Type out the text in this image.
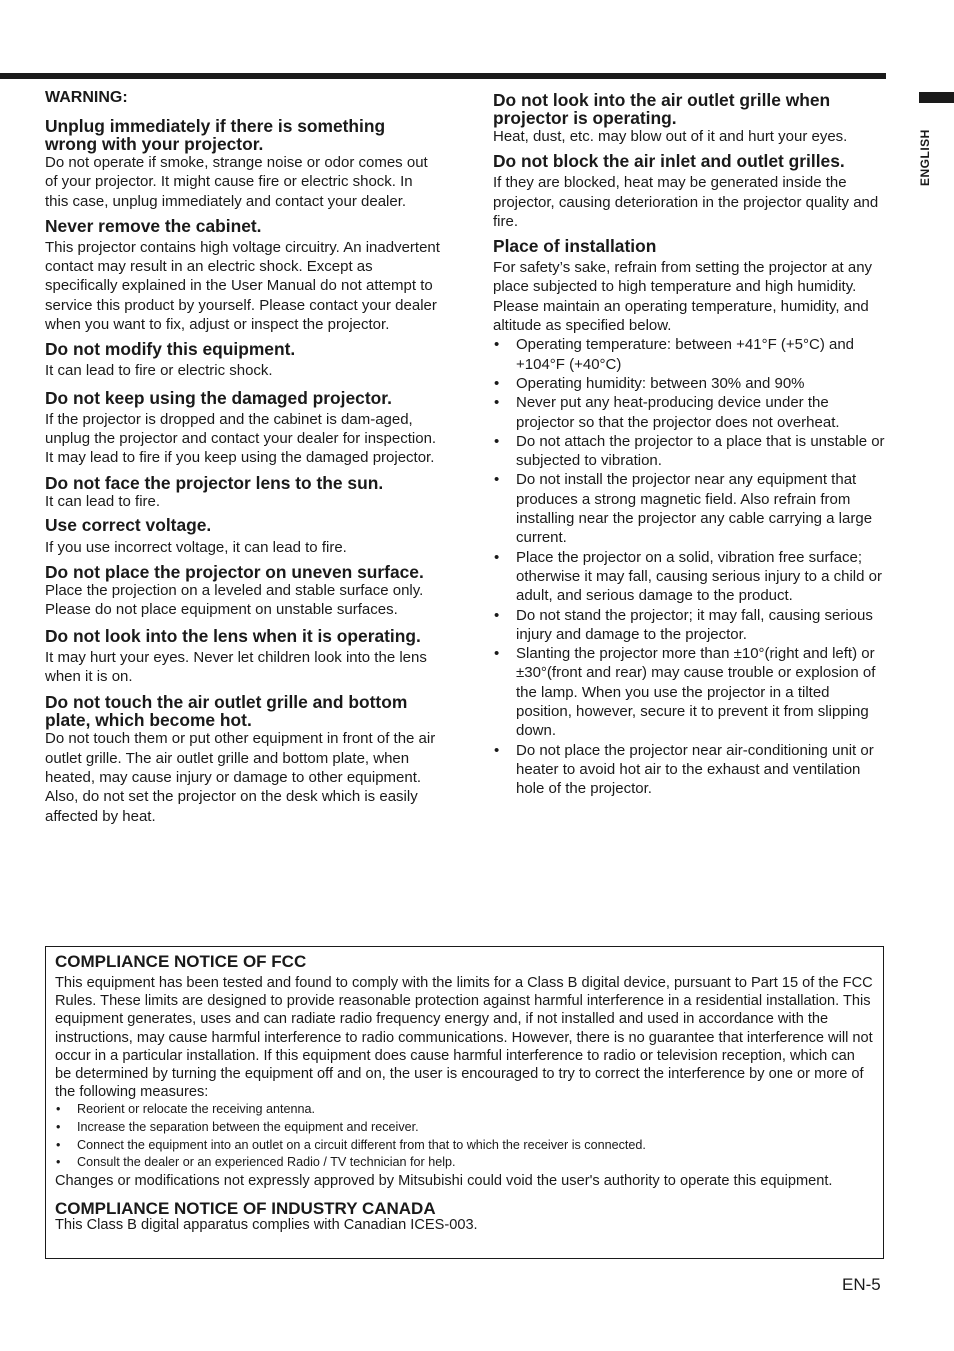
ENGLISH
WARNING:
Unplug immediately if there is something wrong with your projector.

Do not operate if smoke, strange noise or odor comes out of your projector. It might cause fire or electric shock. In this case, unplug immediately and contact your dealer.

Never remove the cabinet.

This projector contains high voltage circuitry. An inadvertent contact may result in an electric shock. Except as specifically explained in the User Manual do not attempt to service this product by yourself. Please contact your dealer when you want to fix, adjust or inspect the projector.

Do not modify this equipment.

It can lead to fire or electric shock.

Do not keep using the damaged projector.

If the projector is dropped and the cabinet is dam-aged, unplug the projector and contact your dealer for inspection. It may lead to fire if you keep using the damaged projector.

Do not face the projector lens to the sun.

It can lead to fire.

Use correct voltage.

If you use incorrect voltage, it can lead to fire.

Do not place the projector on uneven surface.

Place the projection on a leveled and stable surface only. Please do not place equipment on unstable surfaces.

Do not look into the lens when it is operating.

It may hurt your eyes. Never let children look into the lens when it is on.

Do not touch the air outlet grille and bottom plate, which become hot.

Do not touch them or put other equipment in front of the air outlet grille. The air outlet grille and bottom plate, when heated, may cause injury or damage to other equipment. Also, do not set the projector on the desk which is easily affected by heat.

Do not look into the air outlet grille when projector is operating.

Heat, dust, etc. may blow out of it and hurt your eyes.

Do not block the air inlet and outlet grilles.

If they are blocked, heat may be generated inside the projector, causing deterioration in the projector quality and fire.

Place of installation

For safety’s sake, refrain from setting the projector at any place subjected to high temperature and high humidity. Please maintain an operating temperature, humidity, and altitude as specified below.

• Operating temperature: between +41°F (+5°C) and +104°F (+40°C)
• Operating humidity: between 30% and 90%
• Never put any heat-producing device under the projector so that the projector does not overheat.
• Do not attach the projector to a place that is unstable or subjected to vibration.
• Do not install the projector near any equipment that produces a strong magnetic field. Also refrain from installing near the projector any cable carrying a large current.
• Place the projector on a solid, vibration free surface; otherwise it may fall, causing serious injury to a child or adult, and serious damage to the product.
• Do not stand the projector; it may fall, causing serious injury and damage to the projector.
• Slanting the projector more than ±10°(right and left) or ±30°(front and rear) may cause trouble or explosion of the lamp. When you use the projector in a tilted position, however, secure it to prevent it from slipping down.
• Do not place the projector near air-conditioning unit or heater to avoid hot air to the exhaust and ventilation hole of the projector.
COMPLIANCE NOTICE OF FCC

This equipment has been tested and found to comply with the limits for a Class B digital device, pursuant to Part 15 of the FCC Rules. These limits are designed to provide reasonable protection against harmful interference in a residential installation. This equipment generates, uses and can radiate radio frequency energy and, if not installed and used in accordance with the instructions, may cause harmful interference to radio communications. However, there is no guarantee that interference will not occur in a particular installation. If this equipment does cause harmful interference to radio or television reception, which can be determined by turning the equipment off and on, the user is encouraged to try to correct the interference by one or more of the following measures:

• Reorient or relocate the receiving antenna.
• Increase the separation between the equipment and receiver.
• Connect the equipment into an outlet on a circuit different from that to which the receiver is connected.
• Consult the dealer or an experienced Radio / TV technician for help.

Changes or modifications not expressly approved by Mitsubishi could void the user's authority to operate this equipment.

COMPLIANCE NOTICE OF INDUSTRY CANADA

This Class B digital apparatus complies with Canadian ICES-003.

EN-5
